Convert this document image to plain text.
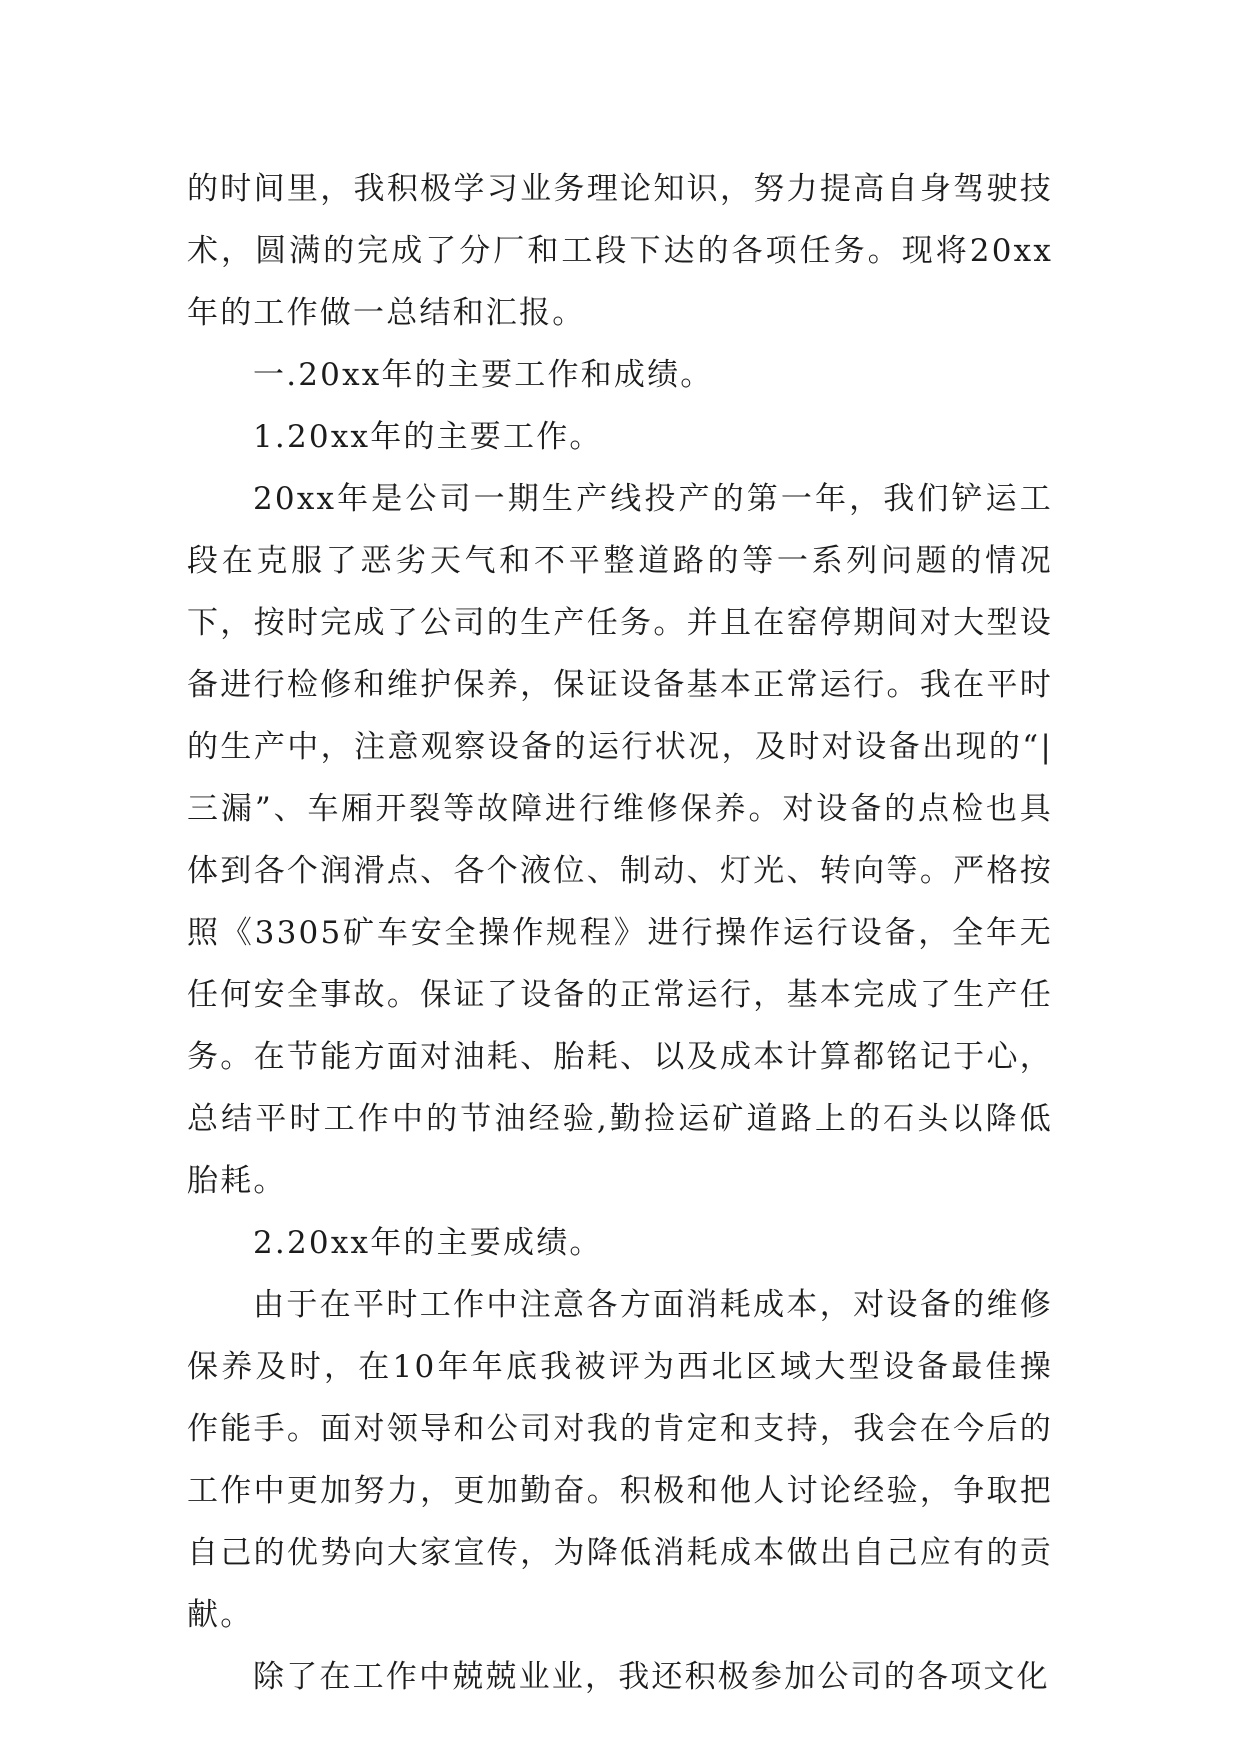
的时间里，我积极学习业务理论知识，努力提高自身驾驶技术，圆满的完成了分厂和工段下达的各项任务。现将20xx年的工作做一总结和汇报。

一.20xx年的主要工作和成绩。

1.20xx年的主要工作。

20xx年是公司一期生产线投产的第一年，我们铲运工段在克服了恶劣天气和不平整道路的等一系列问题的情况下，按时完成了公司的生产任务。并且在窑停期间对大型设备进行检修和维护保养，保证设备基本正常运行。我在平时的生产中，注意观察设备的运行状况，及时对设备出现的“|三漏”、车厢开裂等故障进行维修保养。对设备的点检也具体到各个润滑点、各个液位、制动、灯光、转向等。严格按照《3305矿车安全操作规程》进行操作运行设备，全年无任何安全事故。保证了设备的正常运行，基本完成了生产任务。在节能方面对油耗、胎耗、以及成本计算都铭记于心，总结平时工作中的节油经验,勤捡运矿道路上的石头以降低胎耗。

2.20xx年的主要成绩。

由于在平时工作中注意各方面消耗成本，对设备的维修保养及时，在10年年底我被评为西北区域大型设备最佳操作能手。面对领导和公司对我的肯定和支持，我会在今后的工作中更加努力，更加勤奋。积极和他人讨论经验，争取把自己的优势向大家宣传，为降低消耗成本做出自己应有的贡献。

除了在工作中兢兢业业，我还积极参加公司的各项文化
